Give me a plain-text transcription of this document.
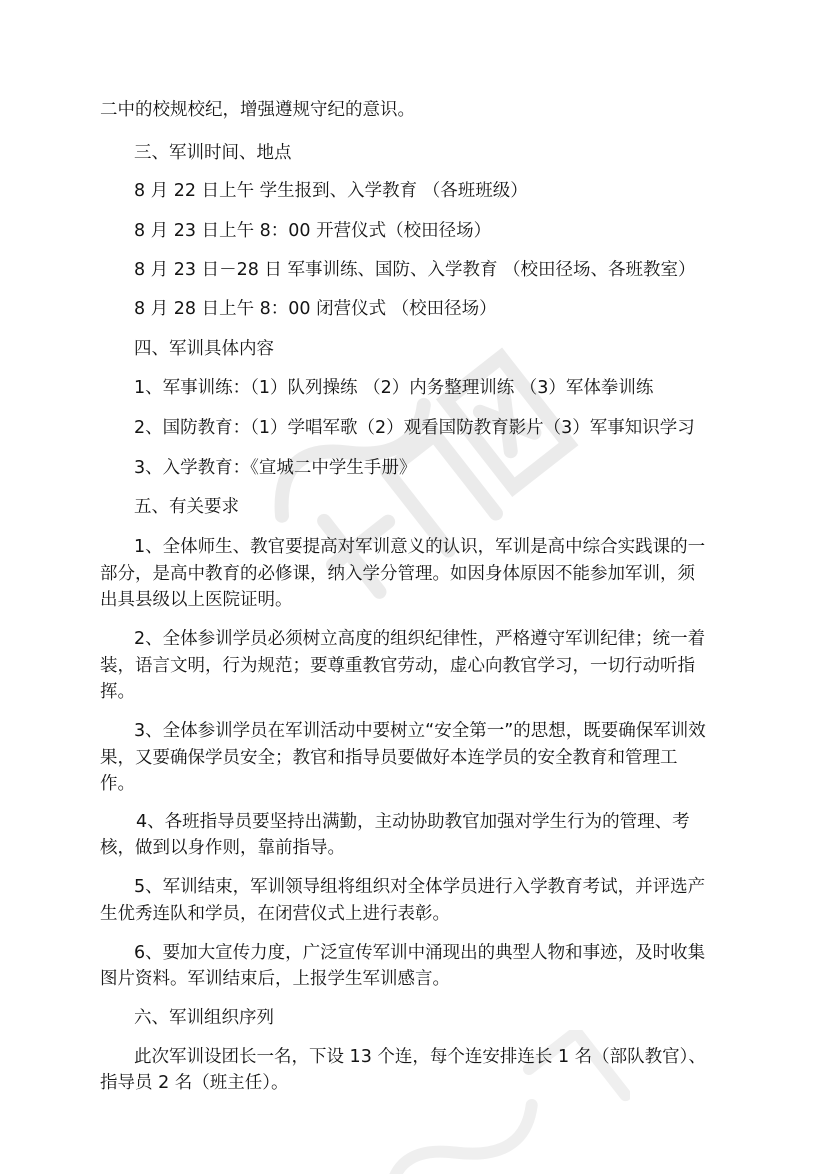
二中的校规校纪，增强遵规守纪的意识。
三、军训时间、地点
8 月 22 日上午 学生报到、入学教育 （各班班级）
8 月 23 日上午 8：00 开营仪式（校田径场）
8 月 23 日－28 日 军事训练、国防、入学教育 （校田径场、各班教室）
8 月 28 日上午 8：00 闭营仪式 （校田径场）
四、军训具体内容
1、军事训练：（1）队列操练 （2）内务整理训练 （3）军体拳训练
2、国防教育：（1）学唱军歌（2）观看国防教育影片（3）军事知识学习
3、入学教育：《宣城二中学生手册》
五、有关要求
1、全体师生、教官要提高对军训意义的认识，军训是高中综合实践课的一
部分，是高中教育的必修课，纳入学分管理。如因身体原因不能参加军训，须
出具县级以上医院证明。
2、全体参训学员必须树立高度的组织纪律性，严格遵守军训纪律；统一着
装，语言文明，行为规范；要尊重教官劳动，虚心向教官学习，一切行动听指
挥。
3、全体参训学员在军训活动中要树立“安全第一”的思想，既要确保军训效
果，又要确保学员安全；教官和指导员要做好本连学员的安全教育和管理工
作。
4、各班指导员要坚持出满勤，主动协助教官加强对学生行为的管理、考
核，做到以身作则，靠前指导。
5、军训结束，军训领导组将组织对全体学员进行入学教育考试，并评选产
生优秀连队和学员，在闭营仪式上进行表彰。
6、要加大宣传力度，广泛宣传军训中涌现出的典型人物和事迹，及时收集
图片资料。军训结束后，上报学生军训感言。
六、军训组织序列
此次军训设团长一名，下设 13 个连，每个连安排连长 1 名（部队教官）、
指导员 2 名（班主任）。
